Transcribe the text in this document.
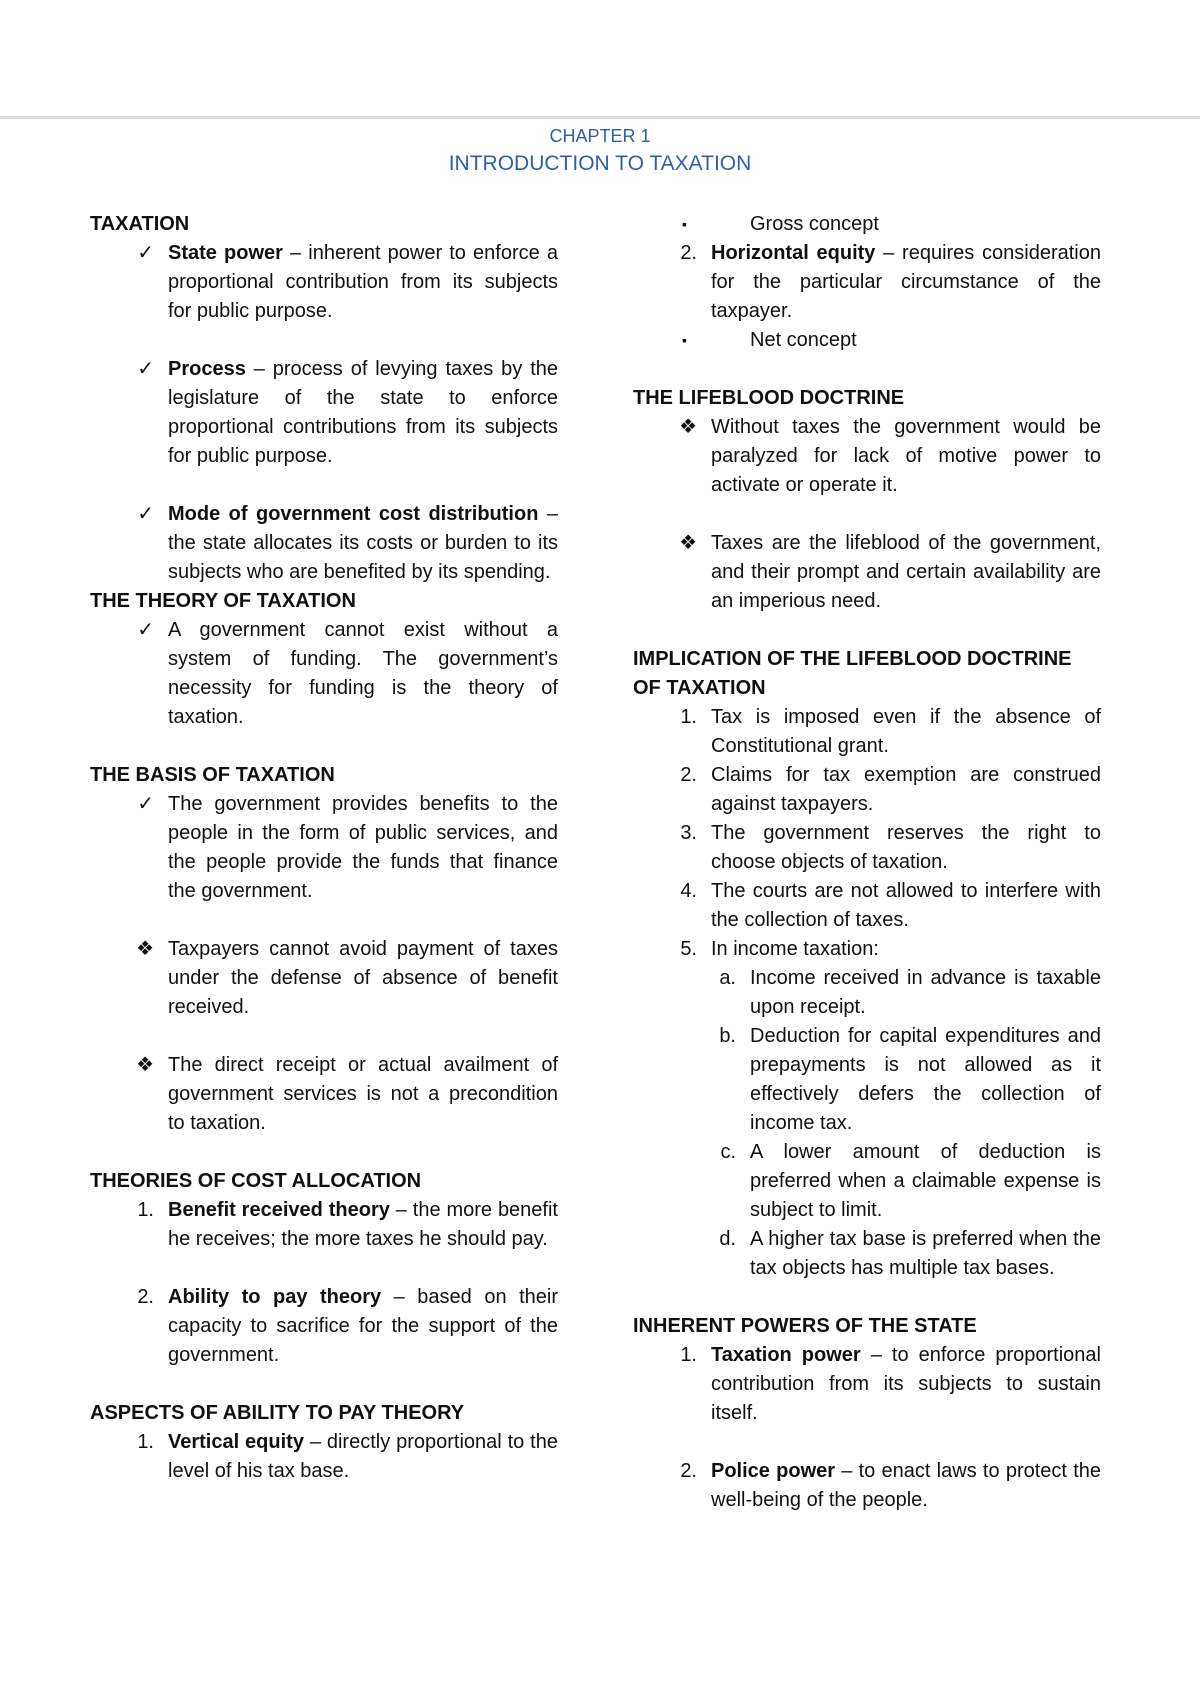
CHAPTER 1
INTRODUCTION TO TAXATION

TAXATION

✓ State power – inherent power to enforce a proportional contribution from its subjects for public purpose.
✓ Process – process of levying taxes by the legislature of the state to enforce proportional contributions from its subjects for public purpose.
✓ Mode of government cost distribution – the state allocates its costs or burden to its subjects who are benefited by its spending.

THE THEORY OF TAXATION

✓ A government cannot exist without a system of funding. The government’s necessity for funding is the theory of taxation.

THE BASIS OF TAXATION

✓ The government provides benefits to the people in the form of public services, and the people provide the funds that finance the government.
❖ Taxpayers cannot avoid payment of taxes under the defense of absence of benefit received.
❖ The direct receipt or actual availment of government services is not a precondition to taxation.

THEORIES OF COST ALLOCATION

1. Benefit received theory – the more benefit he receives; the more taxes he should pay.
2. Ability to pay theory – based on their capacity to sacrifice for the support of the government.

ASPECTS OF ABILITY TO PAY THEORY

1. Vertical equity – directly proportional to the level of his tax base.
▪	Gross concept
2. Horizontal equity – requires consideration for the particular circumstance of the taxpayer.
▪	Net concept

THE LIFEBLOOD DOCTRINE

❖ Without taxes the government would be paralyzed for lack of motive power to activate or operate it.
❖ Taxes are the lifeblood of the government, and their prompt and certain availability are an imperious need.

IMPLICATION OF THE LIFEBLOOD DOCTRINE OF TAXATION

1. Tax is imposed even if the absence of Constitutional grant.
2. Claims for tax exemption are construed against taxpayers.
3. The government reserves the right to choose objects of taxation.
4. The courts are not allowed to interfere with the collection of taxes.
5. In income taxation:
a. Income received in advance is taxable upon receipt.
b. Deduction for capital expenditures and prepayments is not allowed as it effectively defers the collection of income tax.
c. A lower amount of deduction is preferred when a claimable expense is subject to limit.
d. A higher tax base is preferred when the tax objects has multiple tax bases.

INHERENT POWERS OF THE STATE

1. Taxation power – to enforce proportional contribution from its subjects to sustain itself.
2. Police power – to enact laws to protect the well-being of the people.
